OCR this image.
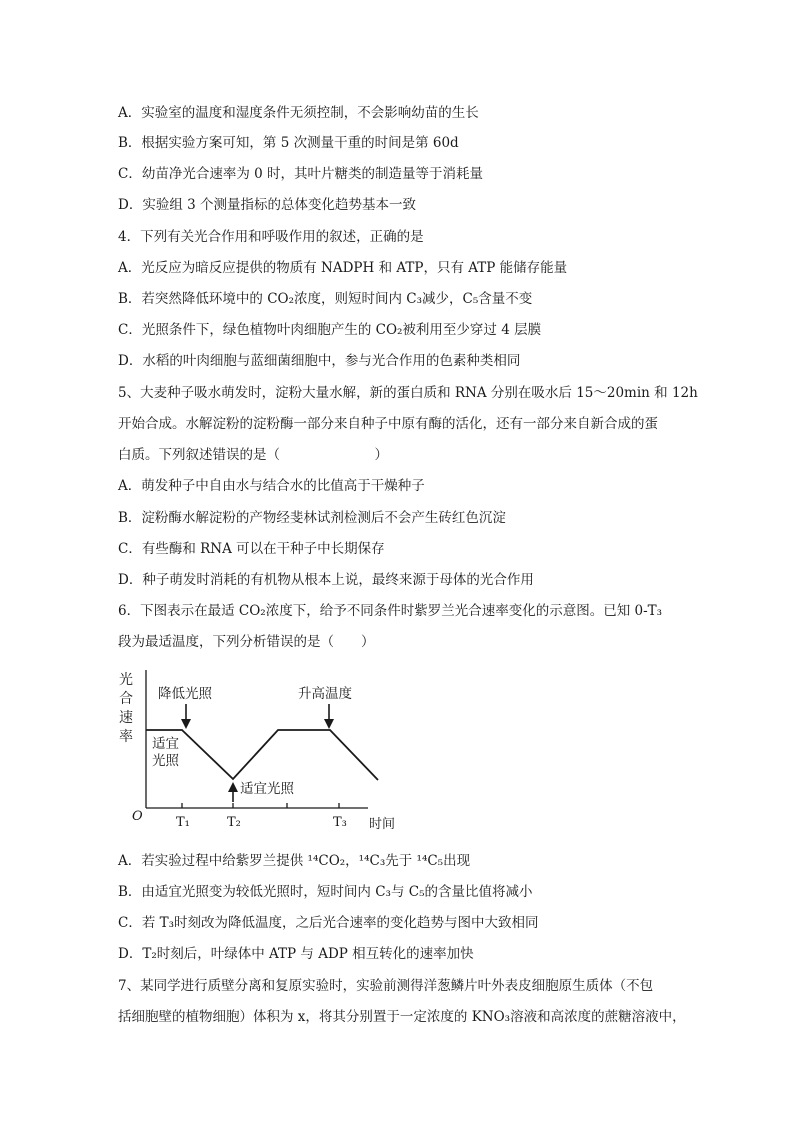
A．实验室的温度和湿度条件无须控制，不会影响幼苗的生长
B．根据实验方案可知，第 5 次测量干重的时间是第 60d
C．幼苗净光合速率为 0 时，其叶片糖类的制造量等于消耗量
D．实验组 3 个测量指标的总体变化趋势基本一致
4．下列有关光合作用和呼吸作用的叙述，正确的是
A．光反应为暗反应提供的物质有 NADPH 和 ATP，只有 ATP 能储存能量
B．若突然降低环境中的 CO₂浓度，则短时间内 C₃减少，C₅含量不变
C．光照条件下，绿色植物叶肉细胞产生的 CO₂被利用至少穿过 4 层膜
D．水稻的叶肉细胞与蓝细菌细胞中，参与光合作用的色素种类相同
5、大麦种子吸水萌发时，淀粉大量水解，新的蛋白质和 RNA 分别在吸水后 15～20min 和 12h
开始合成。水解淀粉的淀粉酶一部分来自种子中原有酶的活化，还有一部分来自新合成的蛋
白质。下列叙述错误的是（　　　　　　　）
A．萌发种子中自由水与结合水的比值高于干燥种子
B．淀粉酶水解淀粉的产物经斐林试剂检测后不会产生砖红色沉淀
C．有些酶和 RNA 可以在干种子中长期保存
D．种子萌发时消耗的有机物从根本上说，最终来源于母体的光合作用
6．下图表示在最适 CO₂浓度下，给予不同条件时紫罗兰光合速率变化的示意图。已知 0-T₃
段为最适温度，下列分析错误的是（　　）
光
合
速
率
O	T₁	T₂	T₃ 时间
降低光照	升高温度
适宜
光照
适宜光照
A．若实验过程中给紫罗兰提供 ¹⁴CO₂，¹⁴C₃先于 ¹⁴C₅出现
B．由适宜光照变为较低光照时，短时间内 C₃与 C₅的含量比值将减小
C．若 T₃时刻改为降低温度，之后光合速率的变化趋势与图中大致相同
D．T₂时刻后，叶绿体中 ATP 与 ADP 相互转化的速率加快
7、某同学进行质壁分离和复原实验时，实验前测得洋葱鳞片叶外表皮细胞原生质体（不包
括细胞壁的植物细胞）体积为 x，将其分别置于一定浓度的 KNO₃溶液和高浓度的蔗糖溶液中，
